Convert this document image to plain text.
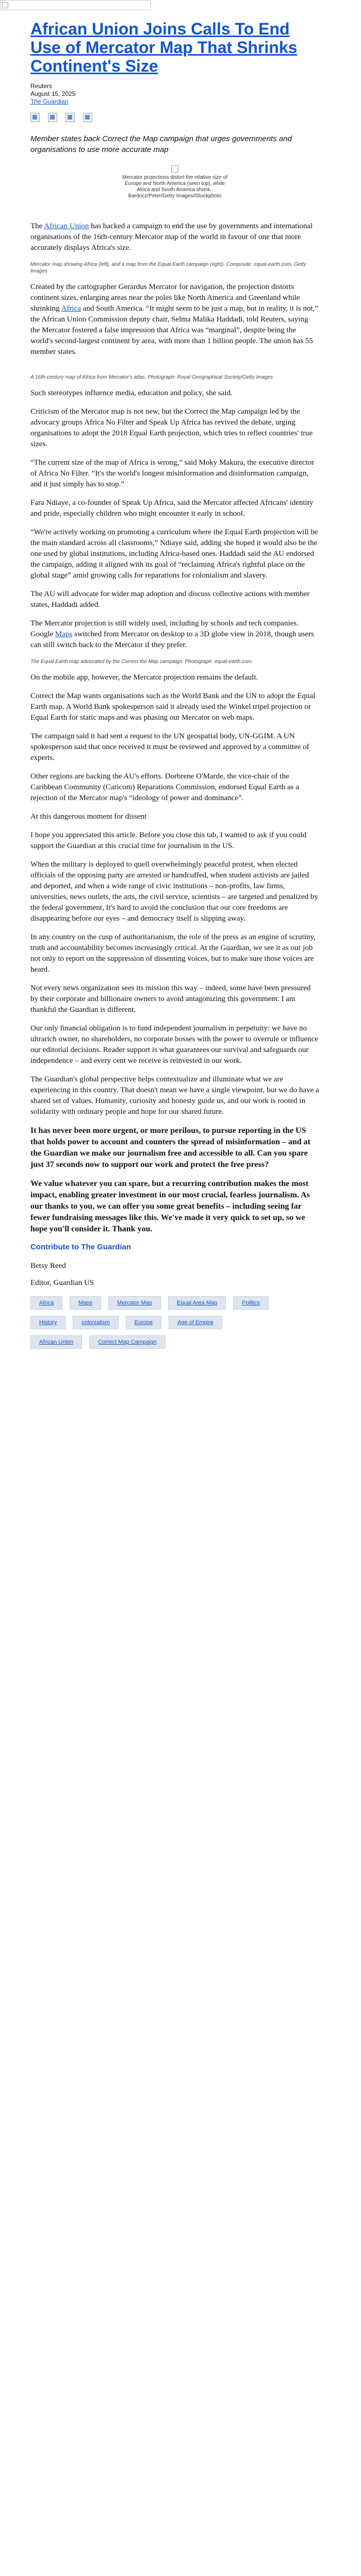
African Union Joins Calls To End Use of Mercator Map That Shrinks Continent's Size
Reuters
August 15, 2025
The Guardian
Member states back Correct the Map campaign that urges governments and organisations to use more accurate map
Mercator projections distort the relative size of Europe and North America (seen top), while Africa and South America shrink.. Bardocz/Peter/Getty Images/iStockphoto

The African Union has backed a campaign to end the use by governments and international organisations of the 16th-century Mercator map of the world in favour of one that more accurately displays Africa's size.

Mercator map showing Africa (left), and a map from the Equal Earth campaign (right). Composite: equal-earth.com, Getty Images

Created by the cartographer Gerardus Mercator for navigation, the projection distorts continent sizes, enlarging areas near the poles like North America and Greenland while shrinking Africa and South America. “It might seem to be just a map, but in reality, it is not,” the African Union Commission deputy chair, Selma Malika Haddadi, told Reuters, saying the Mercator fostered a false impression that Africa was “marginal”, despite being the world's second-largest continent by area, with more than 1 billion people. The union has 55 member states.

A 16th-century map of Africa from Mercator's atlas. Photograph: Royal Geographical Society/Getty Images

Such stereotypes influence media, education and policy, she said.

Criticism of the Mercator map is not new, but the Correct the Map campaign led by the advocacy groups Africa No Filter and Speak Up Africa has revived the debate, urging organisations to adopt the 2018 Equal Earth projection, which tries to reflect countries' true sizes.

“The current size of the map of Africa is wrong,” said Moky Makura, the executive director of Africa No Filter. “It's the world's longest misinformation and disinformation campaign, and it just simply has to stop.”

Fara Ndiaye, a co-founder of Speak Up Africa, said the Mercator affected Africans' identity and pride, especially children who might encounter it early in school.

“We're actively working on promoting a curriculum where the Equal Earth projection will be the main standard across all classrooms,” Ndiaye said, adding she hoped it would also be the one used by global institutions, including Africa-based ones. Haddadi said the AU endorsed the campaign, adding it aligned with its goal of “reclaiming Africa's rightful place on the global stage” amid growing calls for reparations for colonialism and slavery.

The AU will advocate for wider map adoption and discuss collective actions with member states, Haddadi added.

The Mercator projection is still widely used, including by schools and tech companies. Google Maps switched from Mercator on desktop to a 3D globe view in 2018, though users can still switch back to the Mercator if they prefer.

The Equal Earth map advocated by the Correct the Map campaign. Photograph: equal-earth.com

On the mobile app, however, the Mercator projection remains the default.

Correct the Map wants organisations such as the World Bank and the UN to adopt the Equal Earth map. A World Bank spokesperson said it already used the Winkel tripel projection or Equal Earth for static maps and was phasing out Mercator on web maps.

The campaign said it had sent a request to the UN geospatial body, UN-GGIM. A UN spokesperson said that once received it must be reviewed and approved by a committee of experts.

Other regions are backing the AU's efforts. Dorbrene O'Marde, the vice-chair of the Caribbean Community (Caricom) Reparations Commission, endorsed Equal Earth as a rejection of the Mercator map's “ideology of power and dominance”.

At this dangerous moment for dissent

I hope you appreciated this article. Before you close this tab, I wanted to ask if you could support the Guardian at this crucial time for journalism in the US.

When the military is deployed to quell overwhelmingly peaceful protest, when elected officials of the opposing party are arrested or handcuffed, when student activists are jailed and deported, and when a wide range of civic institutions – non-profits, law firms, universities, news outlets, the arts, the civil service, scientists – are targeted and penalized by the federal government, It's hard to avoid the conclusion that our core freedoms are disappearing before our eyes – and democracy itself is slipping away.

In any country on the cusp of authoritarianism, the role of the press as an engine of scrutiny, truth and accountability becomes increasingly critical. At the Guardian, we see it as our job not only to report on the suppression of dissenting voices, but to make sure those voices are heard.

Not every news organization sees its mission this way – indeed, some have been pressured by their corporate and billionaire owners to avoid antagonizing this government. I am thankful the Guardian is different.

Our only financial obligation is to fund independent journalism in perpetuity: we have no ultrarich owner, no shareholders, no corporate bosses with the power to overrule or influence our editorial decisions. Reader support is what guarantees our survival and safeguards our independence – and every cent we receive is reinvested in our work.

The Guardian's global perspective helps contextualize and illuminate what we are experiencing in this country. That doesn't mean we have a single viewpoint, but we do have a shared set of values. Humanity, curiosity and honesty guide us, and our work is rooted in solidarity with ordinary people and hope for our shared future.

It has never been more urgent, or more perilous, to pursue reporting in the US that holds power to account and counters the spread of misinformation – and at the Guardian we make our journalism free and accessible to all. Can you spare just 37 seconds now to support our work and protect the free press?

We value whatever you can spare, but a recurring contribution makes the most impact, enabling greater investment in our most crucial, fearless journalism. As our thanks to you, we can offer you some great benefits – including seeing far fewer fundraising messages like this. We've made it very quick to set up, so we hope you'll consider it. Thank you.

Contribute to The Guardian

Betsy Reed

Editor, Guardian US

Africa	Maps	Mercator Map	Equal Area Map	Politics
History	colonialism	Europe	Age of Empire
African Union	Correct Map Campaign
